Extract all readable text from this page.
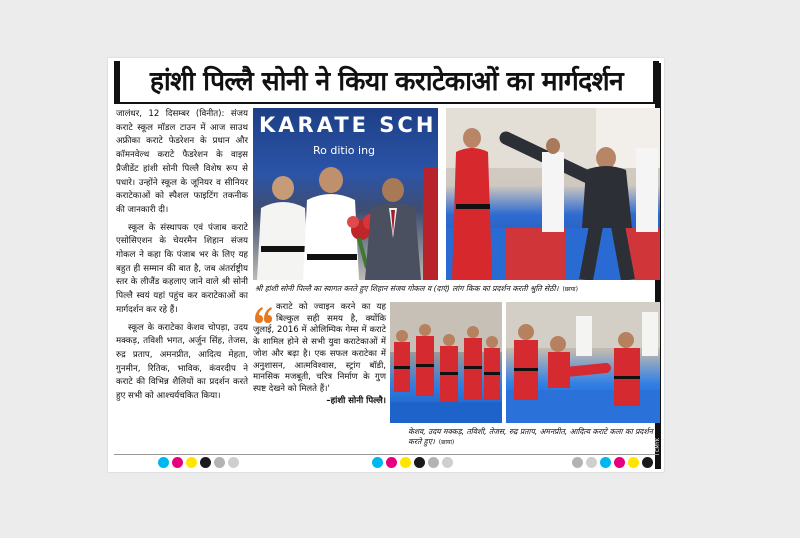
हांशी पिल्लै सोनी ने किया कराटेकाओं का मार्गदर्शन

जालंधर, 12 दिसम्बर (विनीत): संजय कराटे स्कूल मॉडल टाउन में आज साउथ अफ्रीका कराटे फेडरेशन के प्रधान और कॉमनवेल्थ कराटे फैडरेशन के वाइस प्रैजीडेंट हांशी सोनी पिल्लै विशेष रूप से पधारे। उन्होंने स्कूल के जूनियर व सीनियर कराटेकाओं को स्पैशल फाइटिंग तकनीक की जानकारी दी।

स्कूल के संस्थापक एवं पंजाब कराटे एसोसिएशन के चेयरमैन शिहान संजय गोकल ने कहा कि पंजाब भर के लिए यह बहुत ही सम्मान की बात है, जब अंतर्राष्ट्रीय स्तर के लीजैंड कहलाए जाने वाले श्री सोनी पिल्लै स्वयं यहां पहुंच कर कराटेकाओं का मार्गदर्शन कर रहे हैं।

स्कूल के कराटेका केशव चोपड़ा, उदय मक्कड़, तविशी भगत, अर्जुन सिंह, तेजस, रुद्र प्रताप, अमनप्रीत, आदित्य मेहता, गुनमीन, रितिक, भाविक, कंवरदीप ने कराटे की विभिन्न शैलियों का प्रदर्शन करते हुए सभी को आश्चर्यचकित किया।

KARATE SCH
Ro ditio ing
श्री हांशी सोनी पिल्लै का स्वागत करते हुए शिहान संजय गोकल व (दाएं) लांग किक का प्रदर्शन करती श्रुति सेठी। (छाया)
कराटे को ज्वाइन करने का यह बिल्कुल सही समय है, क्योंकि जुलाई, 2016 में ओलिम्पिक गेम्स में कराटे के शामिल होने से सभी युवा कराटेकाओं में जोश और बढ़ा है। एक सफल कराटेका में अनुशासन, आत्मविश्वास, स्ट्रांग बॉडी, मानसिक मजबूती, चरित्र निर्माण के गुण स्पष्ट देखने को मिलते हैं।'
–हांशी सोनी पिल्लै।
केशव, उदय मक्कड़, तविशी, तेजस, रुद्र प्रताप, अमनप्रीत, आदित्य कराटे कला का प्रदर्शन करते हुए। (छाया)	CMYK
